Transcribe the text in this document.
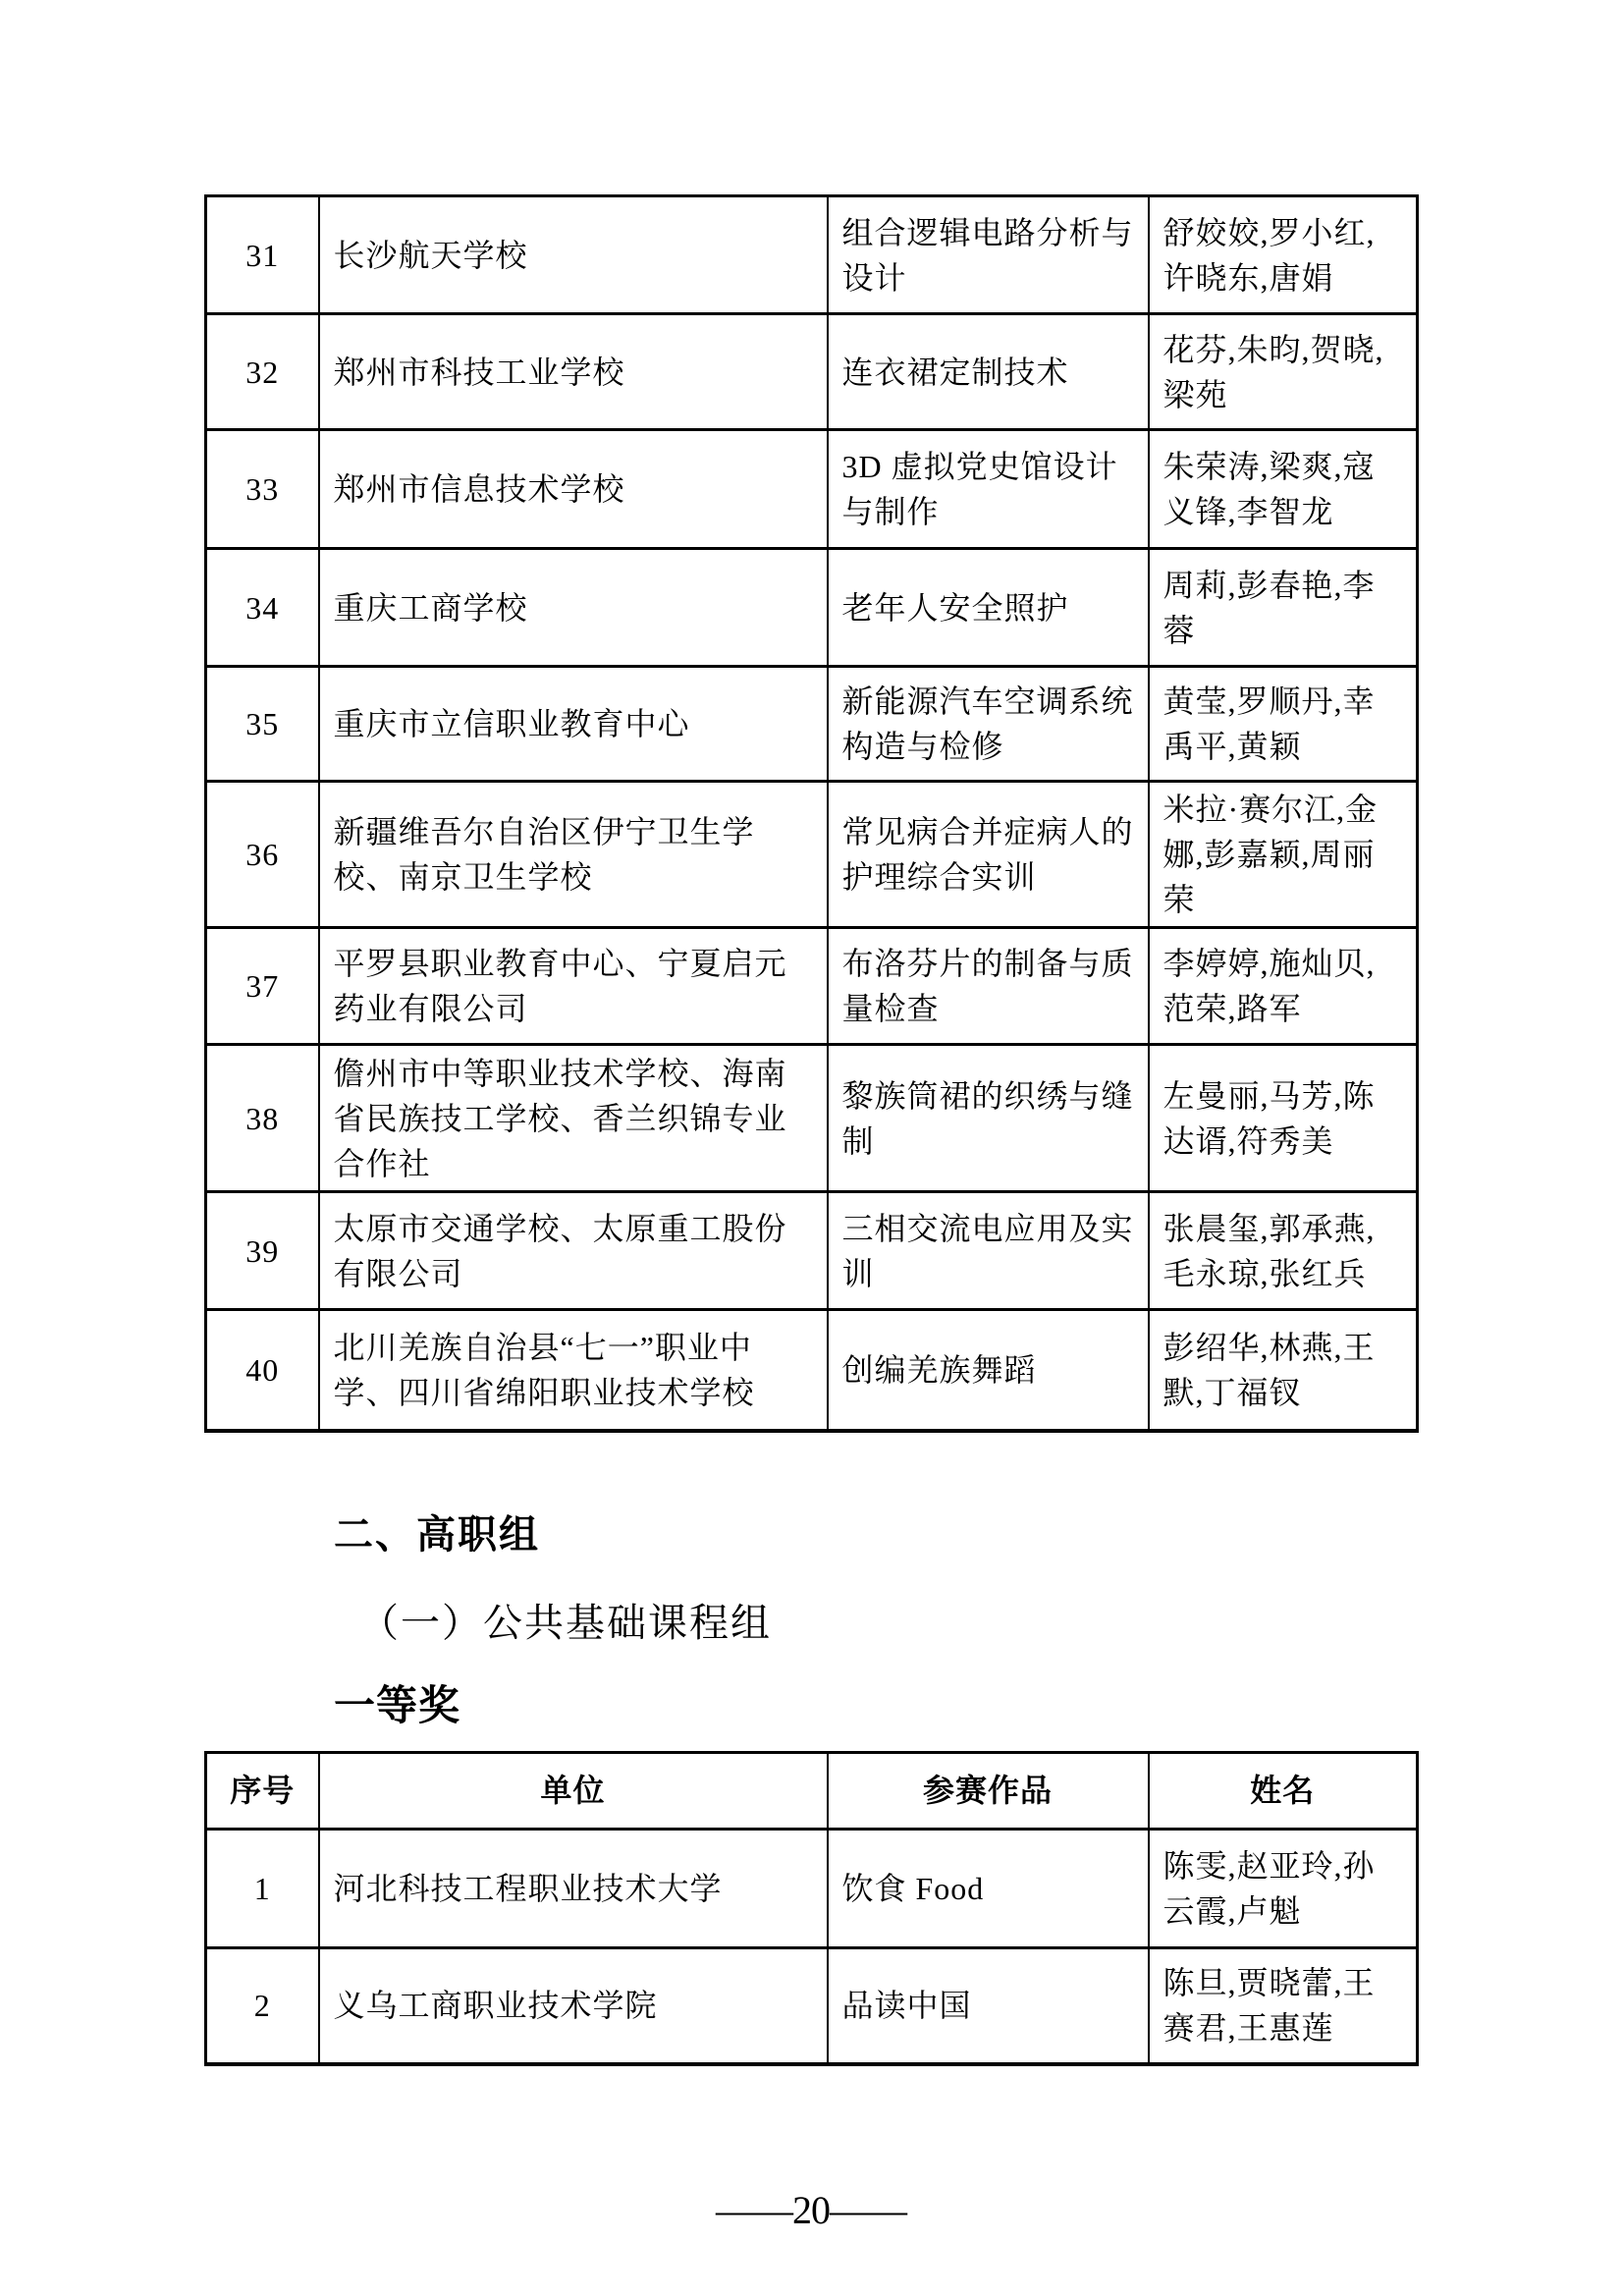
31	长沙航天学校	组合逻辑电路分析与设计	舒姣姣,罗小红,许晓东,唐娟
32	郑州市科技工业学校	连衣裙定制技术	花芬,朱昀,贺晓,梁苑
33	郑州市信息技术学校	3D 虚拟党史馆设计与制作	朱荣涛,梁爽,寇义锋,李智龙
34	重庆工商学校	老年人安全照护	周莉,彭春艳,李蓉
35	重庆市立信职业教育中心	新能源汽车空调系统构造与检修	黄莹,罗顺丹,幸禹平,黄颖
36	新疆维吾尔自治区伊宁卫生学校、南京卫生学校	常见病合并症病人的护理综合实训	米拉·赛尔江,金娜,彭嘉颖,周丽荣
37	平罗县职业教育中心、宁夏启元药业有限公司	布洛芬片的制备与质量检查	李婷婷,施灿贝,范荣,路军
38	儋州市中等职业技术学校、海南省民族技工学校、香兰织锦专业合作社	黎族筒裙的织绣与缝制	左曼丽,马芳,陈达谞,符秀美
39	太原市交通学校、太原重工股份有限公司	三相交流电应用及实训	张晨玺,郭承燕,毛永琼,张红兵
40	北川羌族自治县“七一”职业中学、四川省绵阳职业技术学校	创编羌族舞蹈	彭绍华,林燕,王默,丁福钗
二、高职组
（一）公共基础课程组
一等奖
序号	单位	参赛作品	姓名
1	河北科技工程职业技术大学	饮食 Food	陈雯,赵亚玲,孙云霞,卢魁
2	义乌工商职业技术学院	品读中国	陈旦,贾晓蕾,王赛君,王惠莲
——20——
